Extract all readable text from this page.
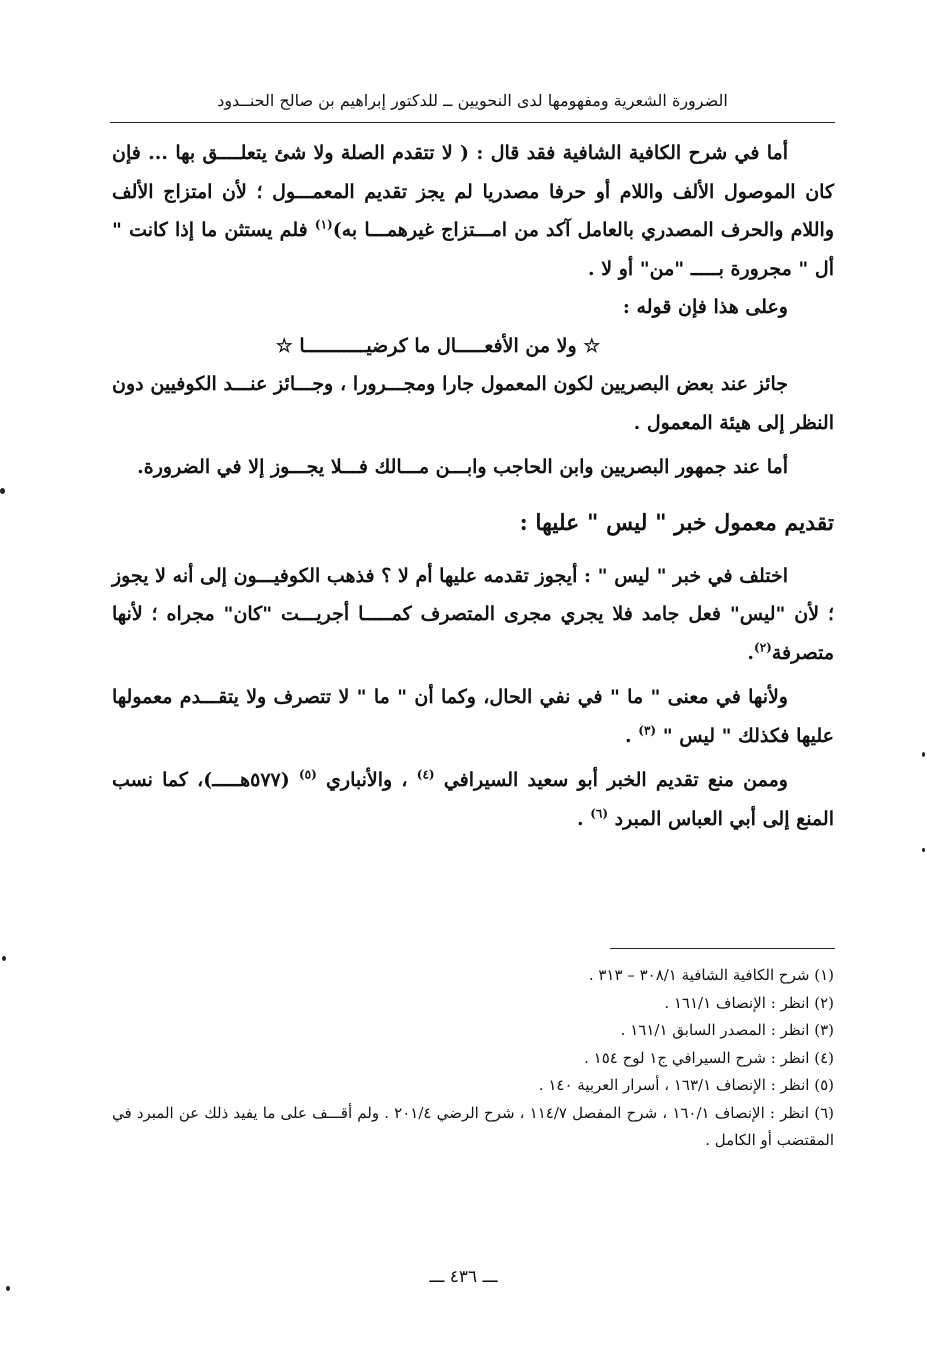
الضرورة الشعرية ومفهومها لدى النحويين ــ للدكتور إبراهيم بن صالح الحنــدود

أما في شرح الكافية الشافية فقد قال : ( لا تتقدم الصلة ولا شئ يتعلــــق بها ... فإن كان الموصول الألف واللام أو حرفا مصدريا لم يجز تقديم المعمـــول ؛ لأن امتزاج الألف واللام والحرف المصدري بالعامل آكد من امـــتزاج غيرهمـــا به)$^{(١)}$ فلم يستثن ما إذا كانت " أل " مجرورة بـــــ "من" أو لا .

وعلى هذا فإن قوله :

☆ ولا من الأفعـــــال ما كرضيـــــــــــا ☆

جائز عند بعض البصريين لكون المعمول جارا ومجـــرورا ، وجـــائز عنـــد الكوفيين دون النظر إلى هيئة المعمول .

أما عند جمهور البصريين وابن الحاجب وابـــن مـــالك فـــلا يجـــوز إلا في الضرورة.

تقديم معمول خبر " ليس " عليها :

اختلف في خبر " ليس " : أيجوز تقدمه عليها أم لا ؟ فذهب الكوفيـــون إلى أنه لا يجوز ؛ لأن "ليس" فعل جامد فلا يجري مجرى المتصرف كمـــــا أجريـــت "كان" مجراه ؛ لأنها متصرفة$^{(٢)}$.

ولأنها في معنى " ما " في نفي الحال، وكما أن " ما " لا تتصرف ولا يتقـــدم معمولها عليها فكذلك " ليس " $^{(٣)}$ .

وممن منع تقديم الخبر أبو سعيد السيرافي $^{(٤)}$ ، والأنباري $^{(٥)}$ (٥٧٧هـــــ)، كما نسب المنع إلى أبي العباس المبرد $^{(٦)}$ .

(١) شرح الكافية الشافية ٣٠٨/١ – ٣١٣ .

(٢) انظر : الإنصاف ١٦١/١ .

(٣) انظر : المصدر السابق ١٦١/١ .

(٤) انظر : شرح السيرافي ج١ لوح ١٥٤ .

(٥) انظر : الإنصاف ١٦٣/١ ، أسرار العربية ١٤٠ .

(٦) انظر : الإنصاف ١٦٠/١ ، شرح المفصل ١١٤/٧ ، شرح الرضي ٢٠١/٤ . ولم أقـــف على ما يفيد ذلك عن المبرد في المقتضب أو الكامل .

ـــ ٤٣٦ ـــ
